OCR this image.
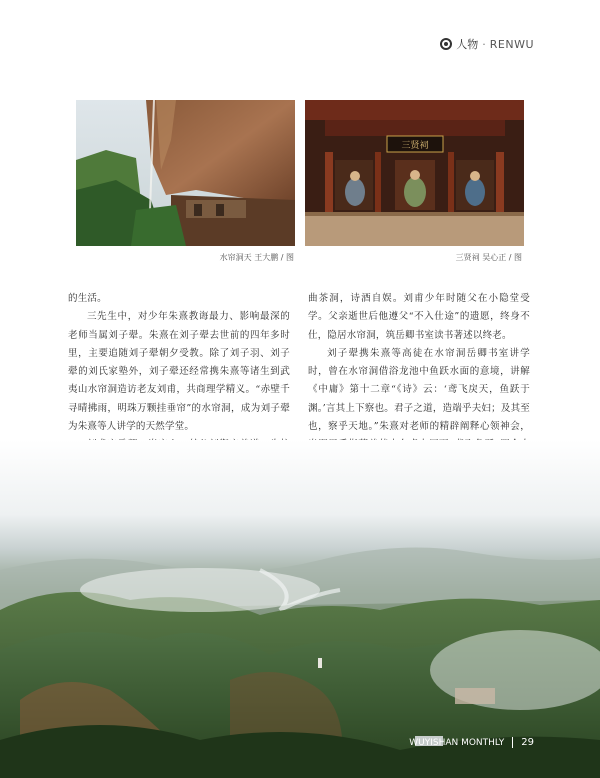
人物 · RENWU
三贤祠
水帘洞天 王大鹏 / 图	三贤祠 吴心正 / 图

的生活。

三先生中，对少年朱熹教诲最力、影响最深的老师当属刘子翚。朱熹在刘子翚去世前的四年多时里，主要追随刘子翚朝夕受教。除了刘子羽、刘子翚的刘氏家塾外，刘子翚还经常携朱熹等诸生到武夷山水帘洞造访老友刘甫，共商理学精义。“赤壁千寻晴拂雨，明珠万颗挂垂帘”的水帘洞，成为刘子翚为朱熹等人讲学的天然学堂。

曲茶洞，诗酒自娱。刘甫少年时随父在小隐堂受学。父亲逝世后他遵父“不入仕途”的遗愿，终身不仕，隐居水帘洞，筑岳卿书室读书著述以终老。

刘子翚携朱熹等高徒在水帘洞岳卿书室讲学时，曾在水帘洞借浴龙池中鱼跃水面的意境，讲解《中庸》第十二章“《诗》云：‘鸢飞戾天，鱼跃于渊。’言其上下察也。君子之道，造端乎夫妇；及其至也，察乎天地。”朱熹对老师的精辟阐释心领神会，

WUYISHAN MONTHLY 29
